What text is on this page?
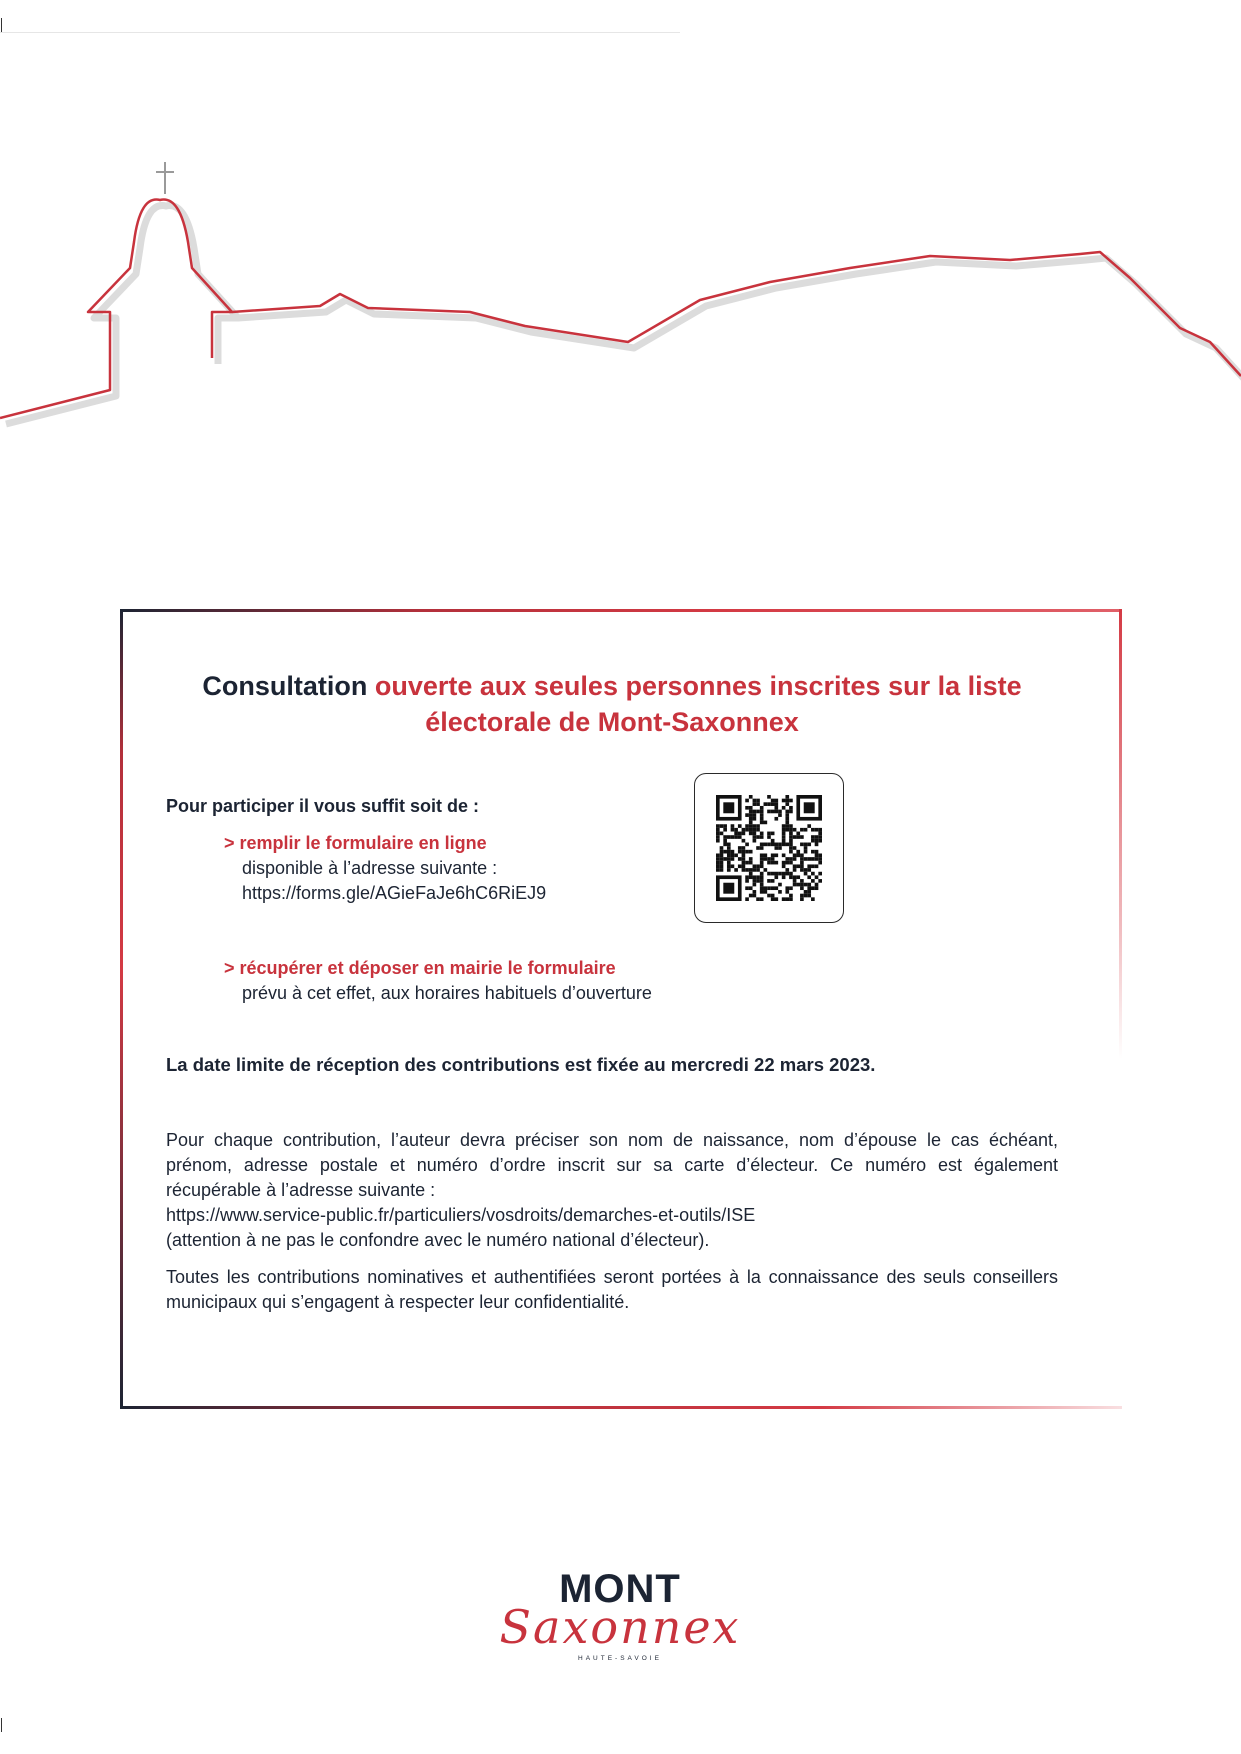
Consultation ouverte aux seules personnes inscrites sur la liste électorale de Mont-Saxonnex
Pour participer il vous suffit soit de :
> remplir le formulaire en ligne
disponible à l’adresse suivante :
https://forms.gle/AGieFaJe6hC6RiEJ9
> récupérer et déposer en mairie le formulaire
prévu à cet effet, aux horaires habituels d’ouverture
La date limite de réception des contributions est fixée au mercredi 22 mars 2023.
Pour chaque contribution, l’auteur devra préciser son nom de naissance, nom d’épouse le cas échéant, prénom, adresse postale et numéro d’ordre inscrit sur sa carte d’électeur. Ce numéro est également récupérable à l’adresse suivante :
https://www.service-public.fr/particuliers/vosdroits/demarches-et-outils/ISE
(attention à ne pas le confondre avec le numéro national d’électeur).
Toutes les contributions nominatives et authentifiées seront portées à la connaissance des seuls conseillers municipaux qui s’engagent à respecter leur confidentialité.
MONT
Saxonnex
HAUTE-SAVOIE
